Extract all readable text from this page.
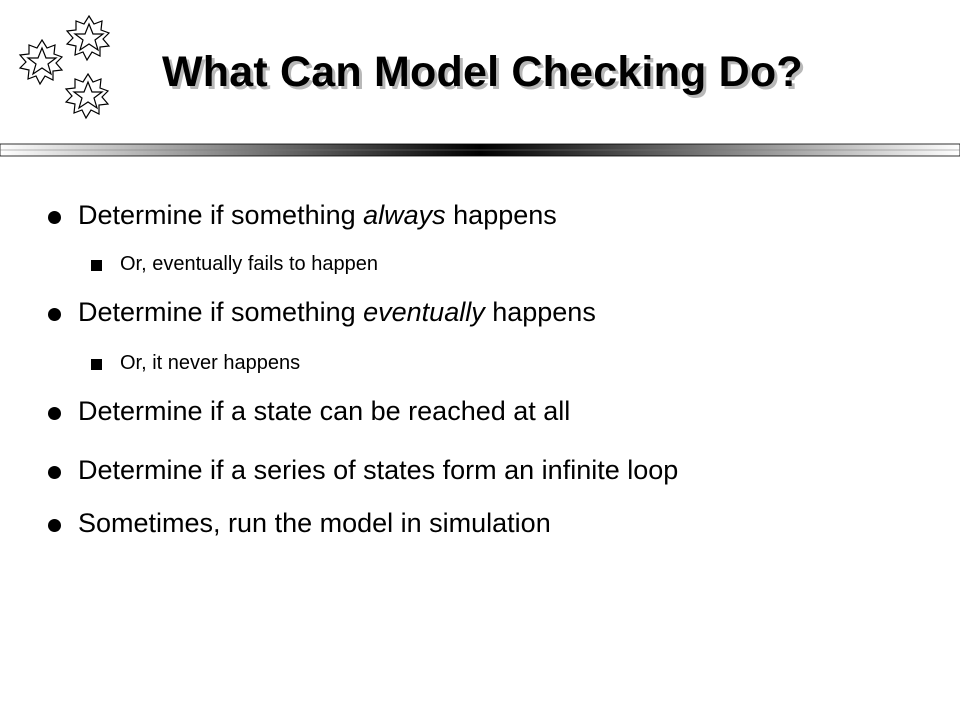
What Can Model Checking Do?
Determine if something always happens
Or, eventually fails to happen
Determine if something eventually happens
Or, it never happens
Determine if a state can be reached at all
Determine if a series of states form an infinite loop
Sometimes, run the model in simulation
